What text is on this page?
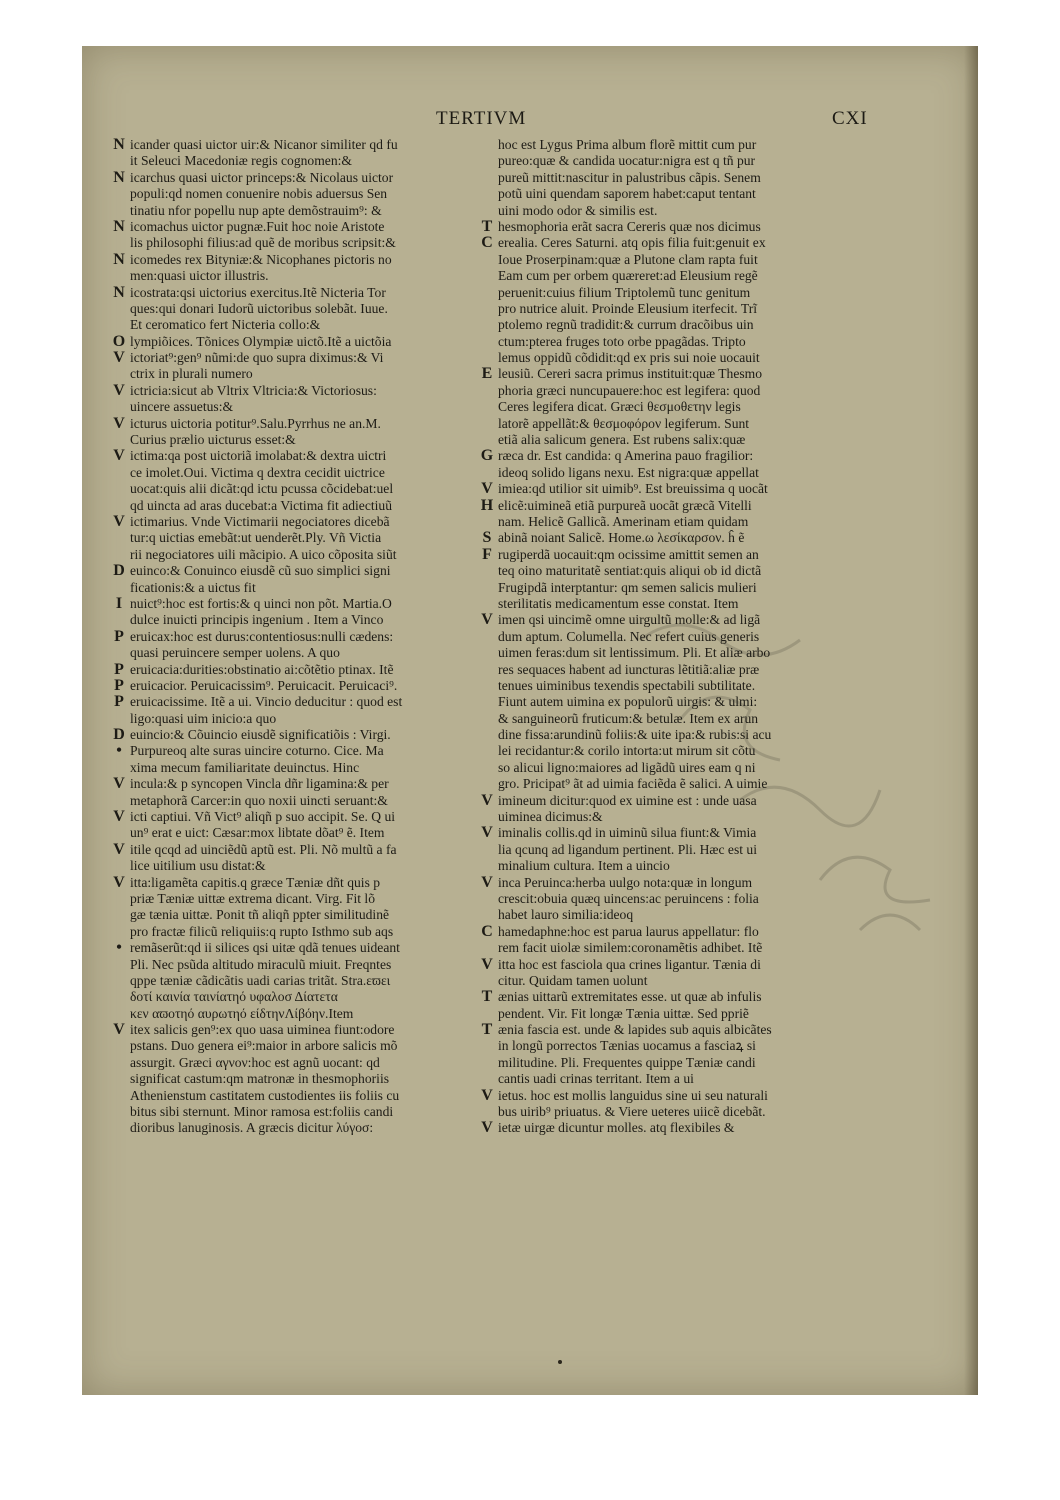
TERTIVM	CXI
N icander quasi uictor uir:& Nicanor similiter qd fu
it Seleuci Macedoniæ regis cognomen:&
N icarchus quasi uictor princeps:& Nicolaus uictor
populi:qd nomen conuenire nobis aduersus Sen
tinatiu nfor popellu nup apte demõstrauim⁹: &
N icomachus uictor pugnæ.Fuit hoc noie Aristote
lis philosophi filius:ad quẽ de moribus scripsit:&
N icomedes rex Bityniæ:& Nicophanes pictoris no
men:quasi uictor illustris.
N icostrata:qsi uictorius exercitus.Itẽ Nicteria Tor
ques:qui donari Iudorũ uictoribus solebãt. Iuue.
Et ceromatico fert Nicteria collo:&
O lympiõices. Tõnices Olympiæ uictõ.Itẽ a uictõia
V ictoriat⁹:gen⁹ nũmi:de quo supra diximus:& Vi
ctrix in plurali numero
V ictricia:sicut ab Vltrix Vltricia:& Victoriosus:
uincere assuetus:&
V icturus uictoria potitur⁹.Salu.Pyrrhus ne an.M.
Curius prælio uicturus esset:&
V ictima:qa post uictoriã imolabat:& dextra uictri
ce imolet.Oui. Victima q dextra cecidit uictrice
uocat:quis alii dicãt:qd ictu pcussa cõcidebat:uel
qd uincta ad aras ducebat:a Victima fit adiectiuũ
V ictimarius. Vnde Victimarii negociatores dicebã
tur:q uictias emebãt:ut uenderẽt.Ply. Vñ Victia
rii negociatores uili mãcipio. A uico cõposita siũt
D euinco:& Conuinco eiusdẽ cũ suo simplici signi
ficationis:& a uictus fit
I nuict⁹:hoc est fortis:& q uinci non põt. Martia.O
dulce inuicti principis ingenium . Item a Vinco
P eruicax:hoc est durus:contentiosus:nulli cædens:
quasi peruincere semper uolens. A quo
P eruicacia:durities:obstinatio ai:cõtẽtio ptinax. Itẽ
P eruicacior. Peruicacissim⁹. Peruicacit. Peruicaci⁹.
P eruicacissime. Itẽ a ui. Vincio deducitur : quod est
ligo:quasi uim inicio:a quo
D euincio:& Cõuincio eiusdẽ significatiõis : Virgi.
• Purpureoq alte suras uincire coturno. Cice. Ma
xima mecum familiaritate deuinctus. Hinc
V incula:& p syncopen Vincla dñr ligamina:& per
metaphorã Carcer:in quo noxii uincti seruant:&
V icti captiui. Vñ Vict⁹ aliqñ p suo accipit. Se. Q ui
un⁹ erat e uict: Cæsar:mox libtate dõat⁹ ẽ. Item
V itile qcqd ad uinciẽdũ aptũ est. Pli. Nõ multũ a fa
lice uitilium usu distat:&
V itta:ligamẽta capitis.q græce Tæniæ dñt quis p
priæ Tæniæ uittæ extrema dicant. Virg. Fit lõ
gæ tænia uittæ. Ponit tñ aliqñ ppter similitudinẽ
pro fractæ filicũ reliquiis:q rupto Isthmo sub aqs
• remãserũt:qd ii silices qsi uitæ qdã tenues uideant
Pli. Nec psũda altitudo miraculũ miuit. Freqntes
qppe tæniæ cãdicãtis uadi carias tritãt. Stra.εϖει
δοτί καινία ταινίατηό υφαλοσ Δίατετα
κεν αϖοτηό αυρωτηό είδτηνΛίβόην.Item
V itex salicis gen⁹:ex quo uasa uiminea fiunt:odore
pstans. Duo genera ei⁹:maior in arbore salicis mõ
assurgit. Græci αγνον:hoc est agnũ uocant: qd
significat castum:qm matronæ in thesmophoriis
Athenienstum castitatem custodientes iis foliis cu
bitus sibi sternunt. Minor ramosa est:foliis candi
dioribus lanuginosis. A græcis dicitur λύγοσ:
hoc est Lygus Prima album florẽ mittit cum pur
pureo:quæ & candida uocatur:nigra est q tñ pur
pureũ mittit:nascitur in palustribus cãpis. Senem
potũ uini quendam saporem habet:caput tentant
uini modo odor & similis est.
T hesmophoria erãt sacra Cereris quæ nos dicimus
C erealia. Ceres Saturni. atq opis filia fuit:genuit ex
Ioue Proserpinam:quæ a Plutone clam rapta fuit
Eam cum per orbem quæreret:ad Eleusium regẽ
peruenit:cuius filium Triptolemũ tunc genitum
pro nutrice aluit. Proinde Eleusium iterfecit. Trĩ
ptolemo regnũ tradidit:& currum dracõibus uin
ctum:pterea fruges toto orbe ppagãdas. Tripto
lemus oppidũ cõdidit:qd ex pris sui noie uocauit
E leusiũ. Cereri sacra primus instituit:quæ Thesmo
phoria græci nuncupauere:hoc est legifera: quod
Ceres legifera dicat. Græci θεσμοθετην legis
latorẽ appellãt:& θεσμοφόρον legiferum. Sunt
etiã alia salicum genera. Est rubens salix:quæ
G ræca dr. Est candida: q Amerina pauo fragilior:
ideoq solido ligans nexu. Est nigra:quæ appellat
V imiea:qd utilior sit uimib⁹. Est breuissima q uocãt
H elicẽ:uimineã etiã purpureã uocãt græcã Vitelli
nam. Helicẽ Gallicã. Amerinam etiam quidam
S abinã noiant Salicẽ. Home.ω λεσίκαρσον. ĥ ẽ
F rugiperdã uocauit:qm ocissime amittit semen an
teq oino maturitatẽ sentiat:quis aliqui ob id dictã
Frugipdã interptantur: qm semen salicis mulieri
sterilitatis medicamentum esse constat. Item
V imen qsi uincimẽ omne uirgultũ molle:& ad ligã
dum aptum. Columella. Nec refert cuius generis
uimen feras:dum sit lentissimum. Pli. Et aliæ arbo
res sequaces habent ad iuncturas lẽtitiã:aliæ præ
tenues uiminibus texendis spectabili subtilitate.
Fiunt autem uimina ex populorũ uirgis: & ulmi:
& sanguineorũ fruticum:& betulæ. Item ex arun
dine fissa:arundinũ foliis:& uite ipa:& rubis:si acu
lei recidantur:& corilo intorta:ut mirum sit cõtu
so alicui ligno:maiores ad ligãdũ uires eam q ni
gro. Pricipat⁹ ãt ad uimia faciẽda ẽ salici. A uimie
V imineum dicitur:quod ex uimine est : unde uasa
uiminea dicimus:&
V iminalis collis.qd in uiminũ silua fiunt:& Vimia
lia qcunq ad ligandum pertinent. Pli. Hæc est ui
minalium cultura. Item a uincio
V inca Peruinca:herba uulgo nota:quæ in longum
crescit:obuia quæq uincens:ac peruincens : folia
habet lauro similia:ideoq
C hamedaphne:hoc est parua laurus appellatur: flo
rem facit uiolæ similem:coronamẽtis adhibet. Itẽ
V itta hoc est fasciola qua crines ligantur. Tænia di
citur. Quidam tamen uolunt
T ænias uittarũ extremitates esse. ut quæ ab infulis
pendent. Vir. Fit longæ Tænia uittæ. Sed ppriẽ
T ænia fascia est. unde & lapides sub aquis albicãtes
in longũ porrectos Tænias uocamus a fasciaꝝ si
militudine. Pli. Frequentes quippe Tæniæ candi
cantis uadi crinas territant. Item a ui
V ietus. hoc est mollis languidus sine ui seu naturali
bus uirib⁹ priuatus. & Viere ueteres uiicẽ dicebãt.
V ietæ uirgæ dicuntur molles. atq flexibiles &
